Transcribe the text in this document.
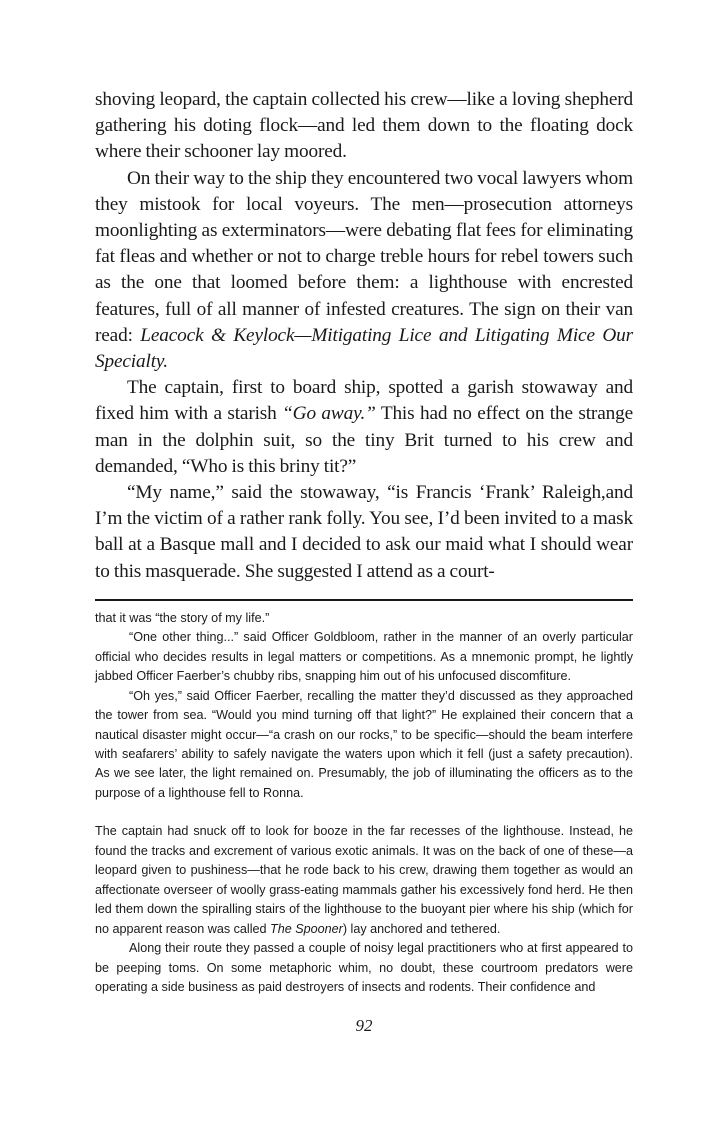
shoving leopard, the captain collected his crew—like a loving shepherd gathering his doting flock—and led them down to the floating dock where their schooner lay moored.

On their way to the ship they encountered two vocal lawyers whom they mistook for local voyeurs. The men—prosecution attorneys moonlighting as exterminators—were debating flat fees for eliminating fat fleas and whether or not to charge treble hours for rebel towers such as the one that loomed before them: a lighthouse with encrested features, full of all manner of infested creatures. The sign on their van read: Leacock & Keylock—Mitigating Lice and Litigating Mice Our Specialty.

The captain, first to board ship, spotted a garish stowaway and fixed him with a starish “Go away.” This had no effect on the strange man in the dolphin suit, so the tiny Brit turned to his crew and demanded, “Who is this briny tit?”

“My name,” said the stowaway, “is Francis ‘Frank’ Raleigh,and I’m the victim of a rather rank folly. You see, I’d been invited to a mask ball at a Basque mall and I decided to ask our maid what I should wear to this masquerade. She suggested I attend as a court-

that it was “the story of my life.”

“One other thing...” said Officer Goldbloom, rather in the manner of an overly particular official who decides results in legal matters or competitions. As a mnemonic prompt, he lightly jabbed Officer Faerber’s chubby ribs, snapping him out of his unfocused discomfiture.

“Oh yes,” said Officer Faerber, recalling the matter they’d discussed as they approached the tower from sea. “Would you mind turning off that light?” He explained their concern that a nautical disaster might occur—“a crash on our rocks,” to be specific—should the beam interfere with seafarers’ ability to safely navigate the waters upon which it fell (just a safety precaution). As we see later, the light remained on. Presumably, the job of illuminating the officers as to the purpose of a lighthouse fell to Ronna.

The captain had snuck off to look for booze in the far recesses of the lighthouse. Instead, he found the tracks and excrement of various exotic animals. It was on the back of one of these—a leopard given to pushiness—that he rode back to his crew, drawing them together as would an affectionate overseer of woolly grass-eating mammals gather his excessively fond herd. He then led them down the spiralling stairs of the lighthouse to the buoyant pier where his ship (which for no apparent reason was called The Spooner) lay anchored and tethered.

Along their route they passed a couple of noisy legal practitioners who at first appeared to be peeping toms. On some metaphoric whim, no doubt, these courtroom predators were operating a side business as paid destroyers of insects and rodents. Their confidence and

92
